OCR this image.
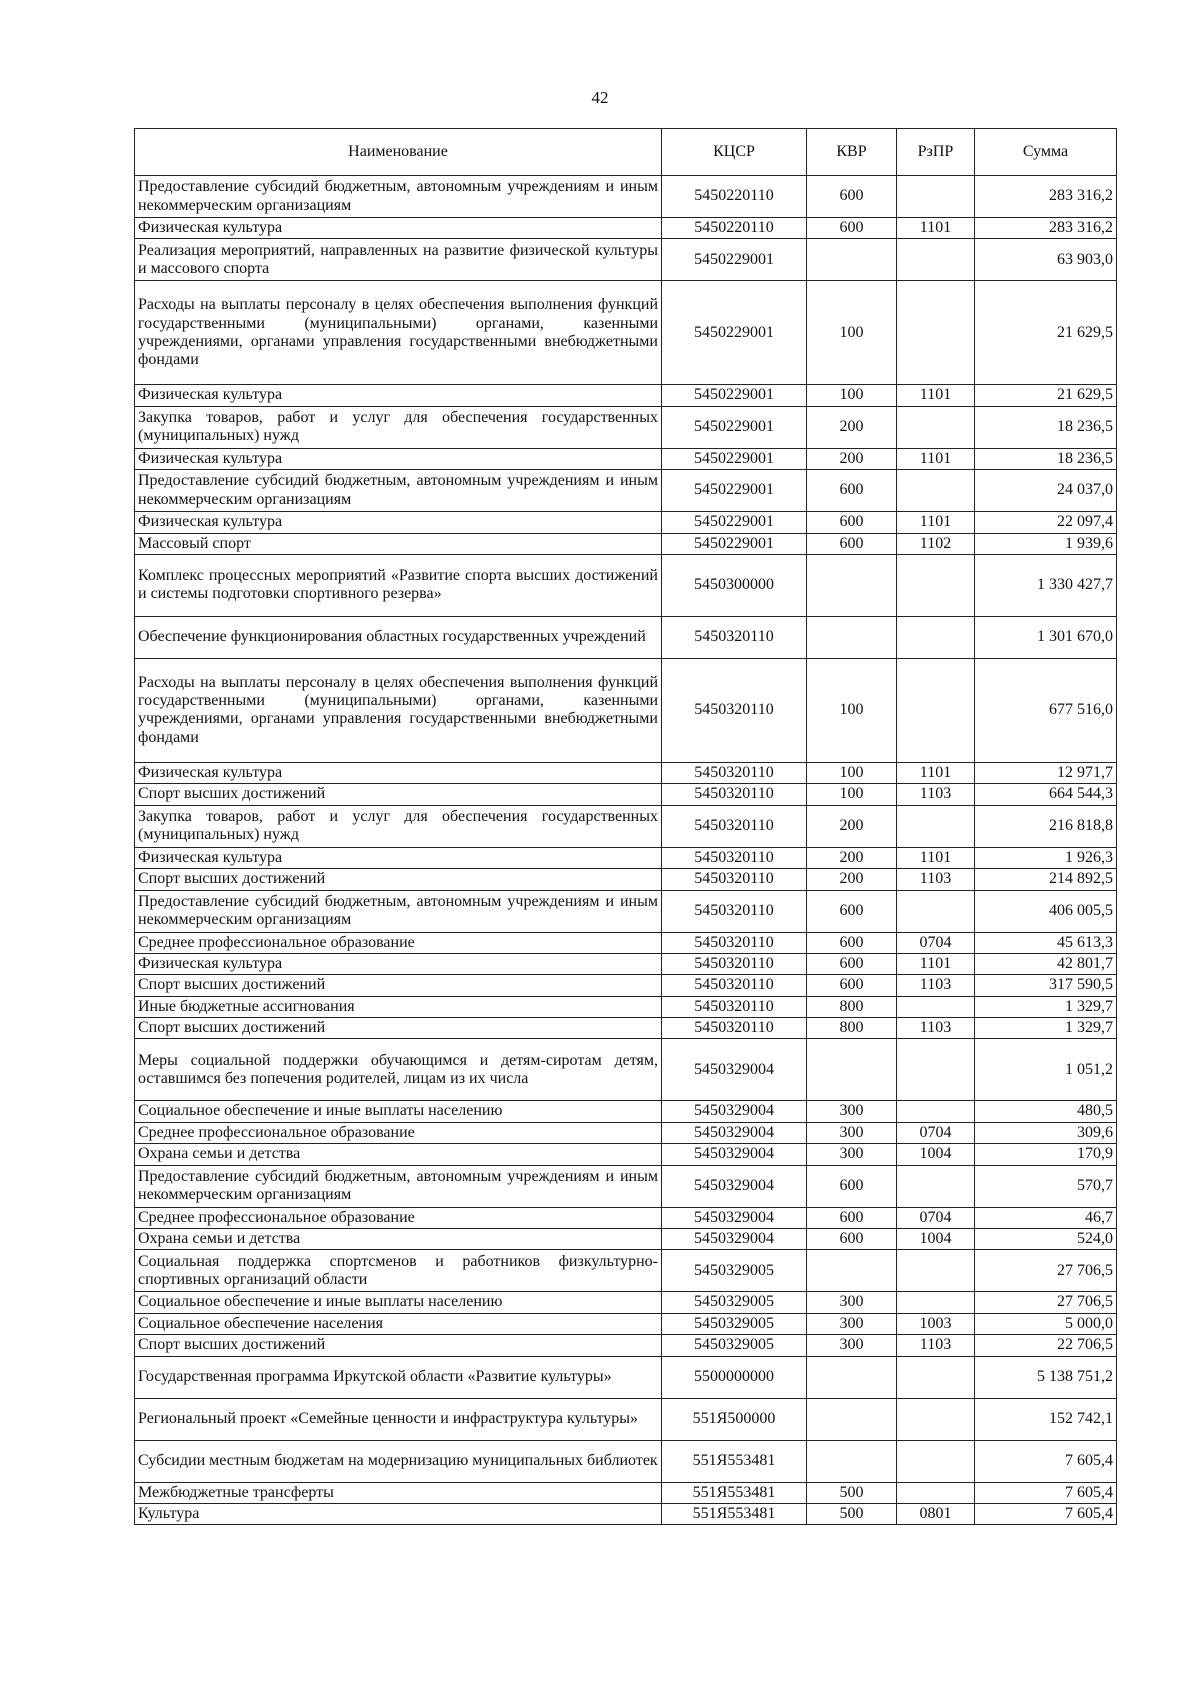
42
Наименование	КЦСР	КВР	РзПР	Сумма
Предоставление субсидий бюджетным, автономным учреждениям и иным некоммерческим организациям	5450220110	600		283 316,2
Физическая культура	5450220110	600	1101	283 316,2
Реализация мероприятий, направленных на развитие физической культуры и массового спорта	5450229001			63 903,0
Расходы на выплаты персоналу в целях обеспечения выполнения функций государственными (муниципальными) органами, казенными учреждениями, органами управления государственными внебюджетными фондами	5450229001	100		21 629,5
Физическая культура	5450229001	100	1101	21 629,5
Закупка товаров, работ и услуг для обеспечения государственных (муниципальных) нужд	5450229001	200		18 236,5
Физическая культура	5450229001	200	1101	18 236,5
Предоставление субсидий бюджетным, автономным учреждениям и иным некоммерческим организациям	5450229001	600		24 037,0
Физическая культура	5450229001	600	1101	22 097,4
Массовый спорт	5450229001	600	1102	1 939,6
Комплекс процессных мероприятий «Развитие спорта высших достижений и системы подготовки спортивного резерва»	5450300000			1 330 427,7
Обеспечение функционирования областных государственных учреждений	5450320110			1 301 670,0
Расходы на выплаты персоналу в целях обеспечения выполнения функций государственными (муниципальными) органами, казенными учреждениями, органами управления государственными внебюджетными фондами	5450320110	100		677 516,0
Физическая культура	5450320110	100	1101	12 971,7
Спорт высших достижений	5450320110	100	1103	664 544,3
Закупка товаров, работ и услуг для обеспечения государственных (муниципальных) нужд	5450320110	200		216 818,8
Физическая культура	5450320110	200	1101	1 926,3
Спорт высших достижений	5450320110	200	1103	214 892,5
Предоставление субсидий бюджетным, автономным учреждениям и иным некоммерческим организациям	5450320110	600		406 005,5
Среднее профессиональное образование	5450320110	600	0704	45 613,3
Физическая культура	5450320110	600	1101	42 801,7
Спорт высших достижений	5450320110	600	1103	317 590,5
Иные бюджетные ассигнования	5450320110	800		1 329,7
Спорт высших достижений	5450320110	800	1103	1 329,7
Меры социальной поддержки обучающимся и детям-сиротам детям, оставшимся без попечения родителей, лицам из их числа	5450329004			1 051,2
Социальное обеспечение и иные выплаты населению	5450329004	300		480,5
Среднее профессиональное образование	5450329004	300	0704	309,6
Охрана семьи и детства	5450329004	300	1004	170,9
Предоставление субсидий бюджетным, автономным учреждениям и иным некоммерческим организациям	5450329004	600		570,7
Среднее профессиональное образование	5450329004	600	0704	46,7
Охрана семьи и детства	5450329004	600	1004	524,0
Социальная поддержка спортсменов и работников физкультурно-спортивных организаций области	5450329005			27 706,5
Социальное обеспечение и иные выплаты населению	5450329005	300		27 706,5
Социальное обеспечение населения	5450329005	300	1003	5 000,0
Спорт высших достижений	5450329005	300	1103	22 706,5
Государственная программа Иркутской области «Развитие культуры»	5500000000			5 138 751,2
Региональный проект «Семейные ценности и инфраструктура культуры»	551Я500000			152 742,1
Субсидии местным бюджетам на модернизацию муниципальных библиотек	551Я553481			7 605,4
Межбюджетные трансферты	551Я553481	500		7 605,4
Культура	551Я553481	500	0801	7 605,4
